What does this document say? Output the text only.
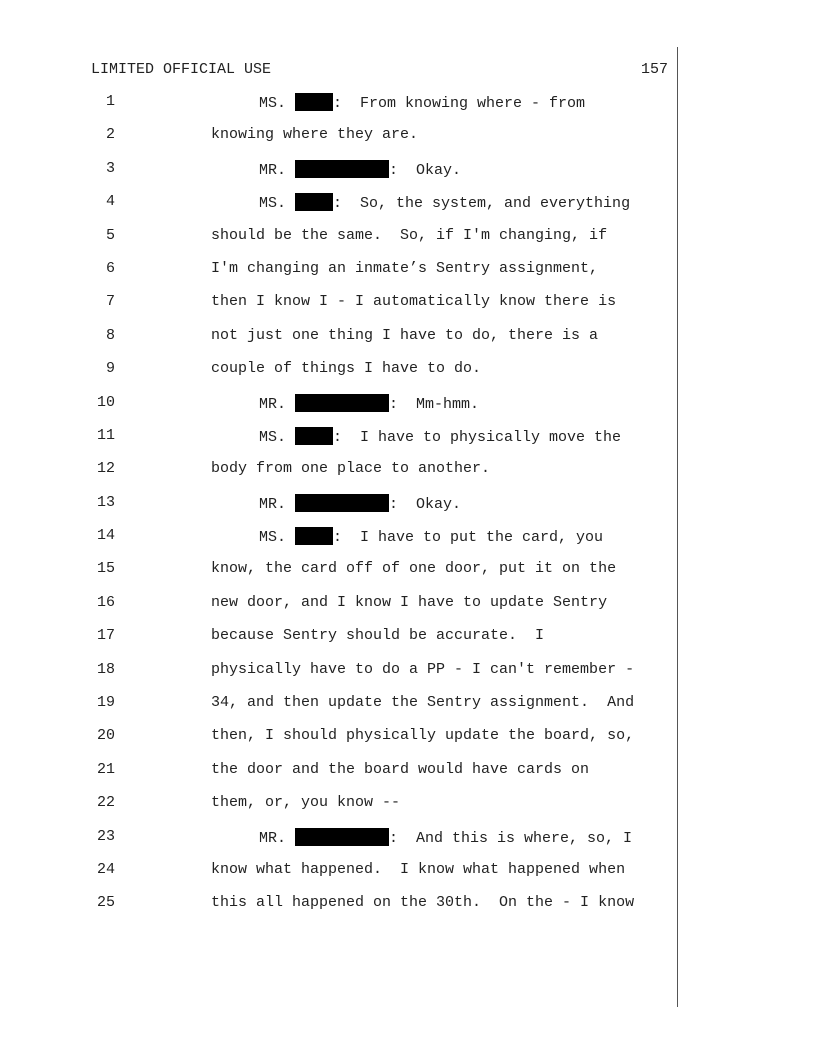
LIMITED OFFICIAL USE	157
1	MS.	:  From knowing where - from
2	knowing where they are.
3	MR.	:  Okay.
4	MS.	:  So, the system, and everything
5	should be the same.  So, if I'm changing, if
6	I'm changing an inmate’s Sentry assignment,
7	then I know I - I automatically know there is
8	not just one thing I have to do, there is a
9	couple of things I have to do.
10	MR.	:  Mm-hmm.
11	MS.	:  I have to physically move the
12	body from one place to another.
13	MR.	:  Okay.
14	MS.	:  I have to put the card, you
15	know, the card off of one door, put it on the
16	new door, and I know I have to update Sentry
17	because Sentry should be accurate.  I
18	physically have to do a PP - I can't remember -
19	34, and then update the Sentry assignment.  And
20	then, I should physically update the board, so,
21	the door and the board would have cards on
22	them, or, you know --
23	MR.	:  And this is where, so, I
24	know what happened.  I know what happened when
25	this all happened on the 30th.  On the - I know
